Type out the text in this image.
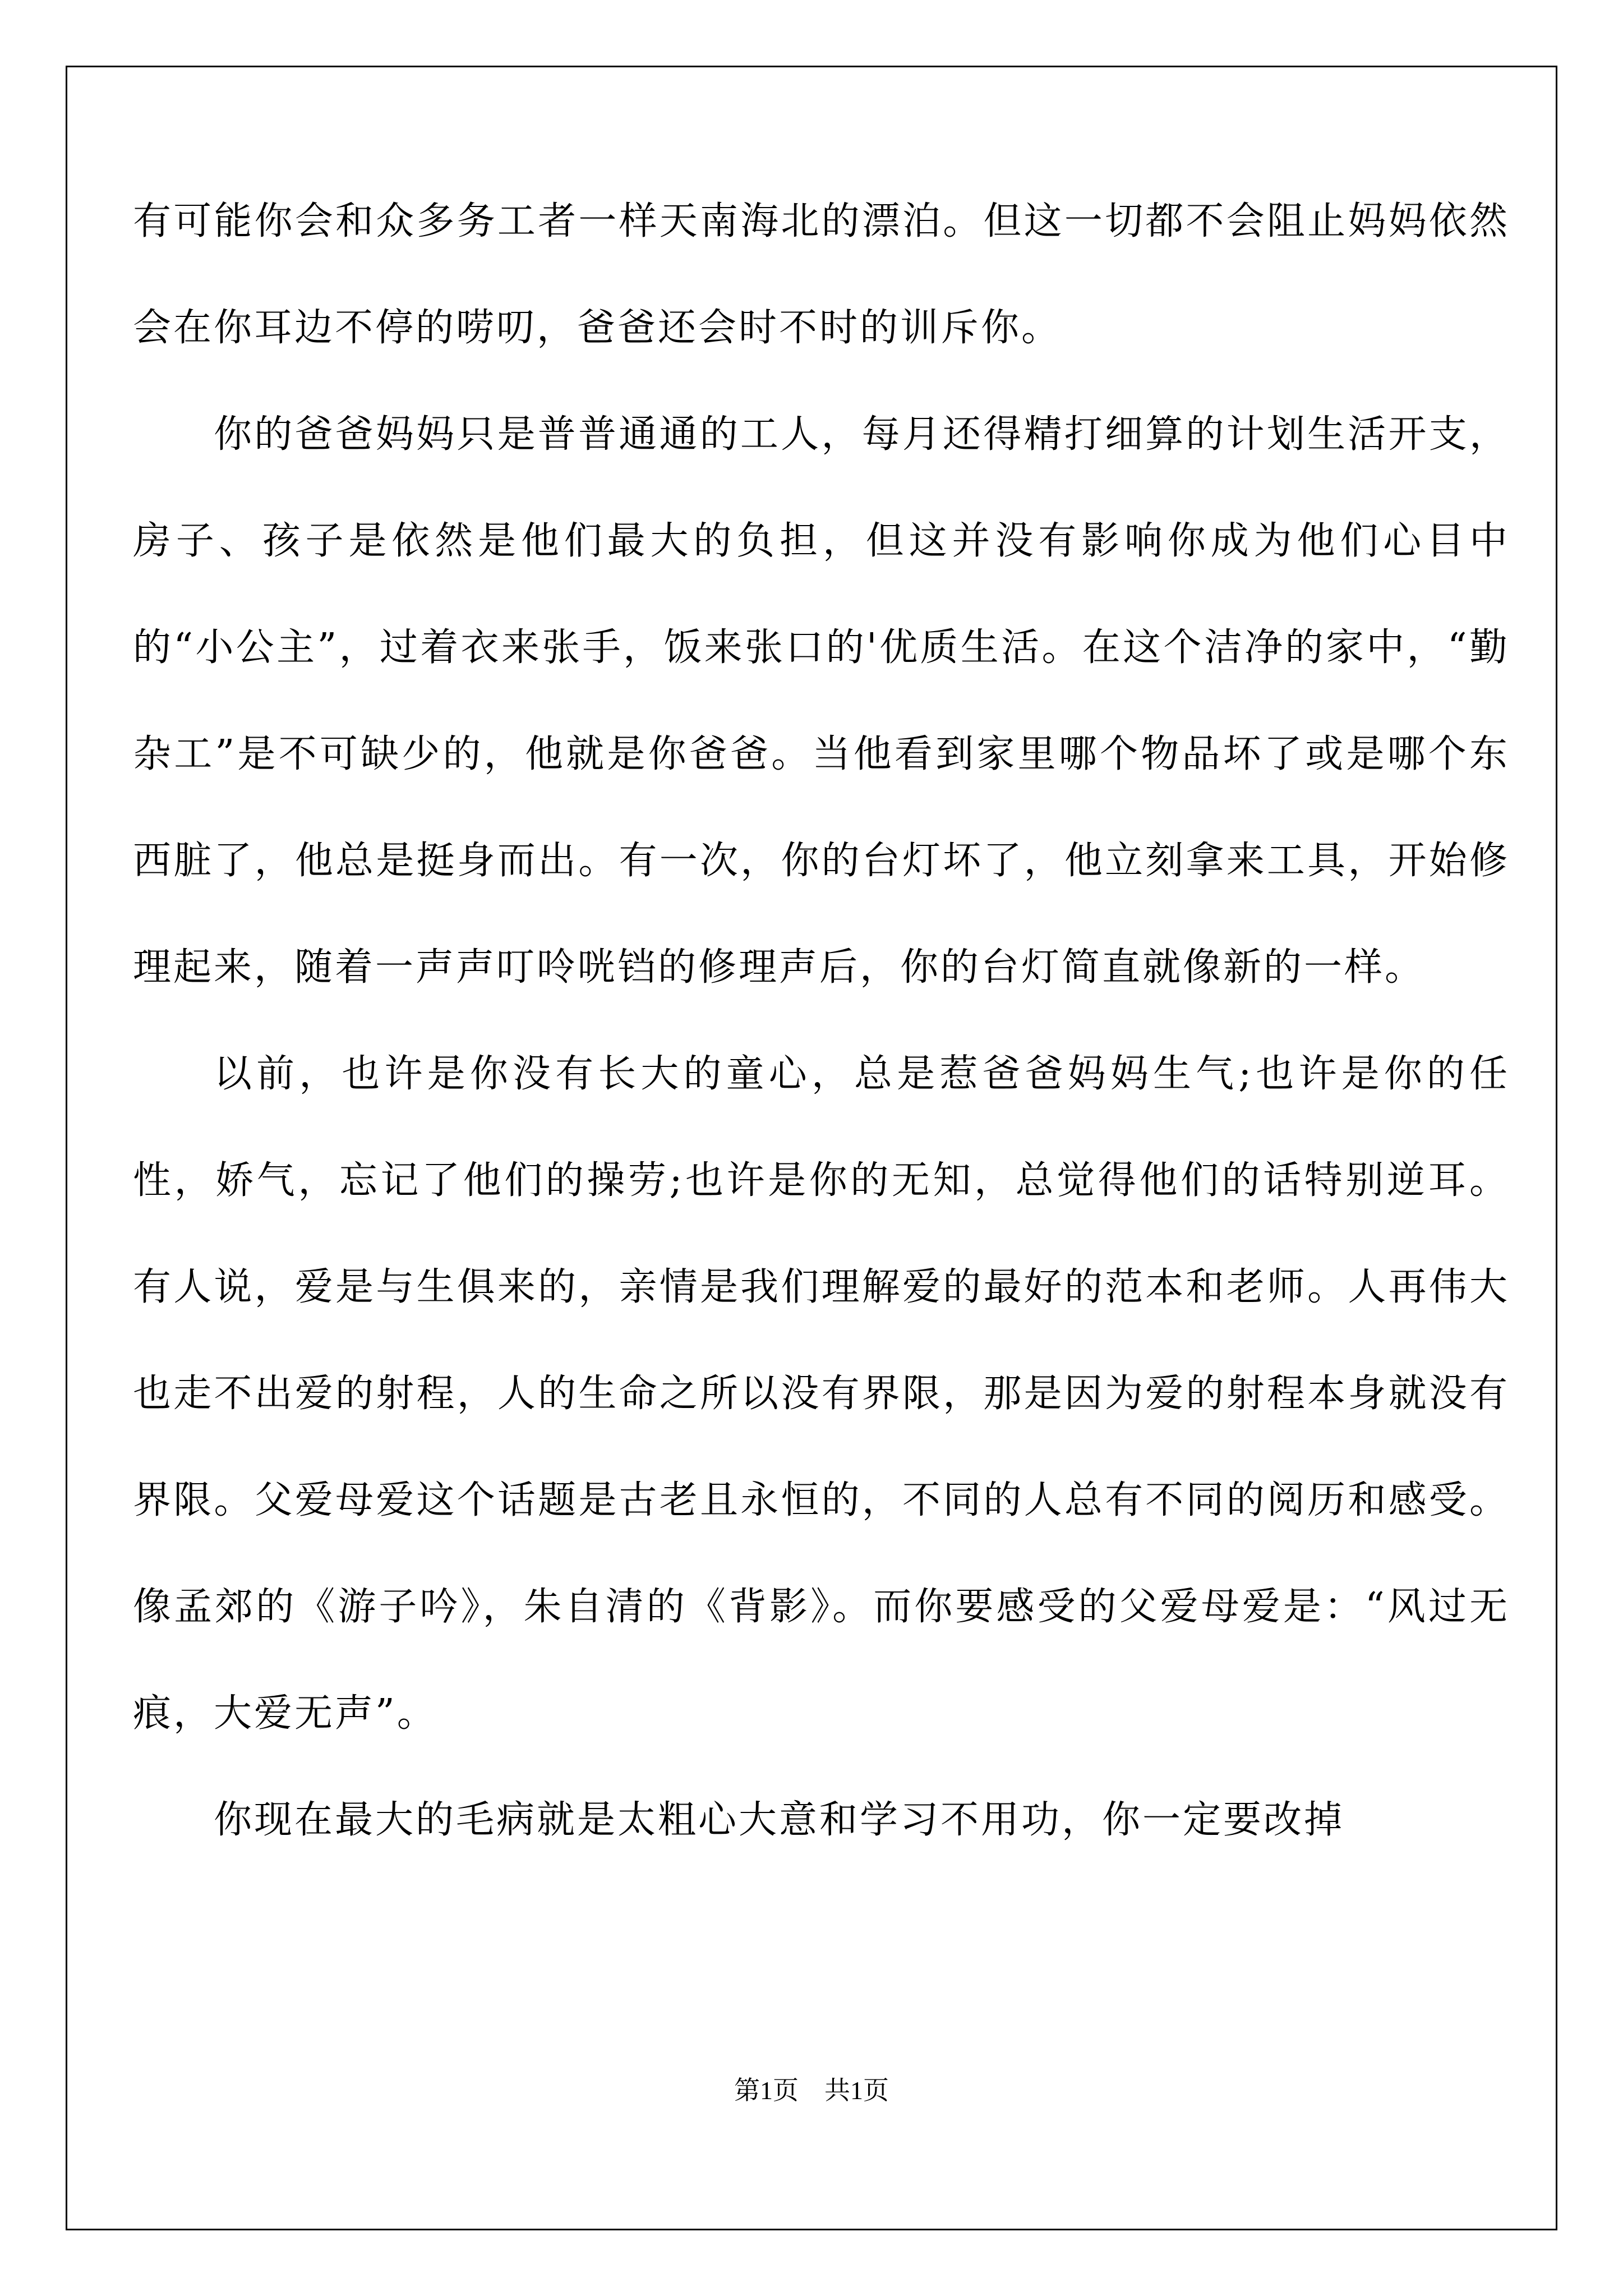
有可能你会和众多务工者一样天南海北的漂泊。但这一切都不会阻止妈妈依然会在你耳边不停的唠叨，爸爸还会时不时的训斥你。

你的爸爸妈妈只是普普通通的工人，每月还得精打细算的计划生活开支，房子、孩子是依然是他们最大的负担，但这并没有影响你成为他们心目中的“小公主”，过着衣来张手，饭来张口的'优质生活。在这个洁净的家中，“勤杂工”是不可缺少的，他就是你爸爸。当他看到家里哪个物品坏了或是哪个东西脏了，他总是挺身而出。有一次，你的台灯坏了，他立刻拿来工具，开始修理起来，随着一声声叮呤咣铛的修理声后，你的台灯简直就像新的一样。

以前，也许是你没有长大的童心，总是惹爸爸妈妈生气;也许是你的任性，娇气，忘记了他们的操劳;也许是你的无知，总觉得他们的话特别逆耳。有人说，爱是与生俱来的，亲情是我们理解爱的最好的范本和老师。人再伟大也走不出爱的射程，人的生命之所以没有界限，那是因为爱的射程本身就没有界限。父爱母爱这个话题是古老且永恒的，不同的人总有不同的阅历和感受。像孟郊的《游子吟》，朱自清的《背影》。而你要感受的父爱母爱是：“风过无痕，大爱无声”。

你现在最大的毛病就是太粗心大意和学习不用功，你一定要改掉

第1页　共1页
